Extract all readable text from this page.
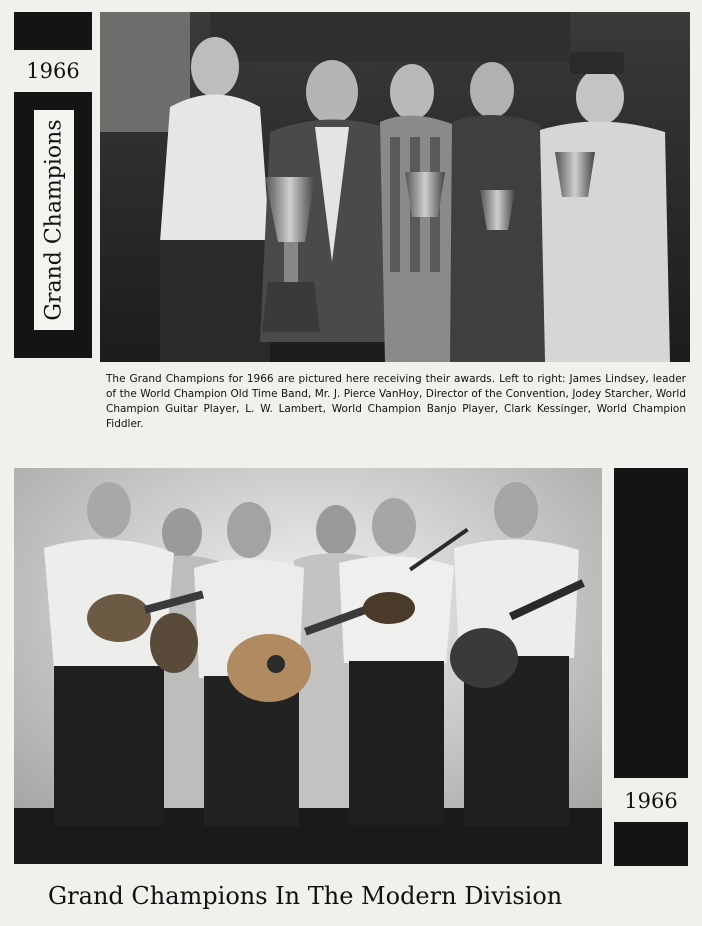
1966
Grand Champions
The Grand Champions for 1966 are pictured here receiving their awards. Left to right: James Lindsey, leader of the World Champion Old Time Band, Mr. J. Pierce VanHoy, Director of the Convention, Jodey Starcher, World Champion Guitar Player, L. W. Lambert, World Champion Banjo Player, Clark Kessinger, World Champion Fiddler.
1966
Grand Champions In The Modern Division
